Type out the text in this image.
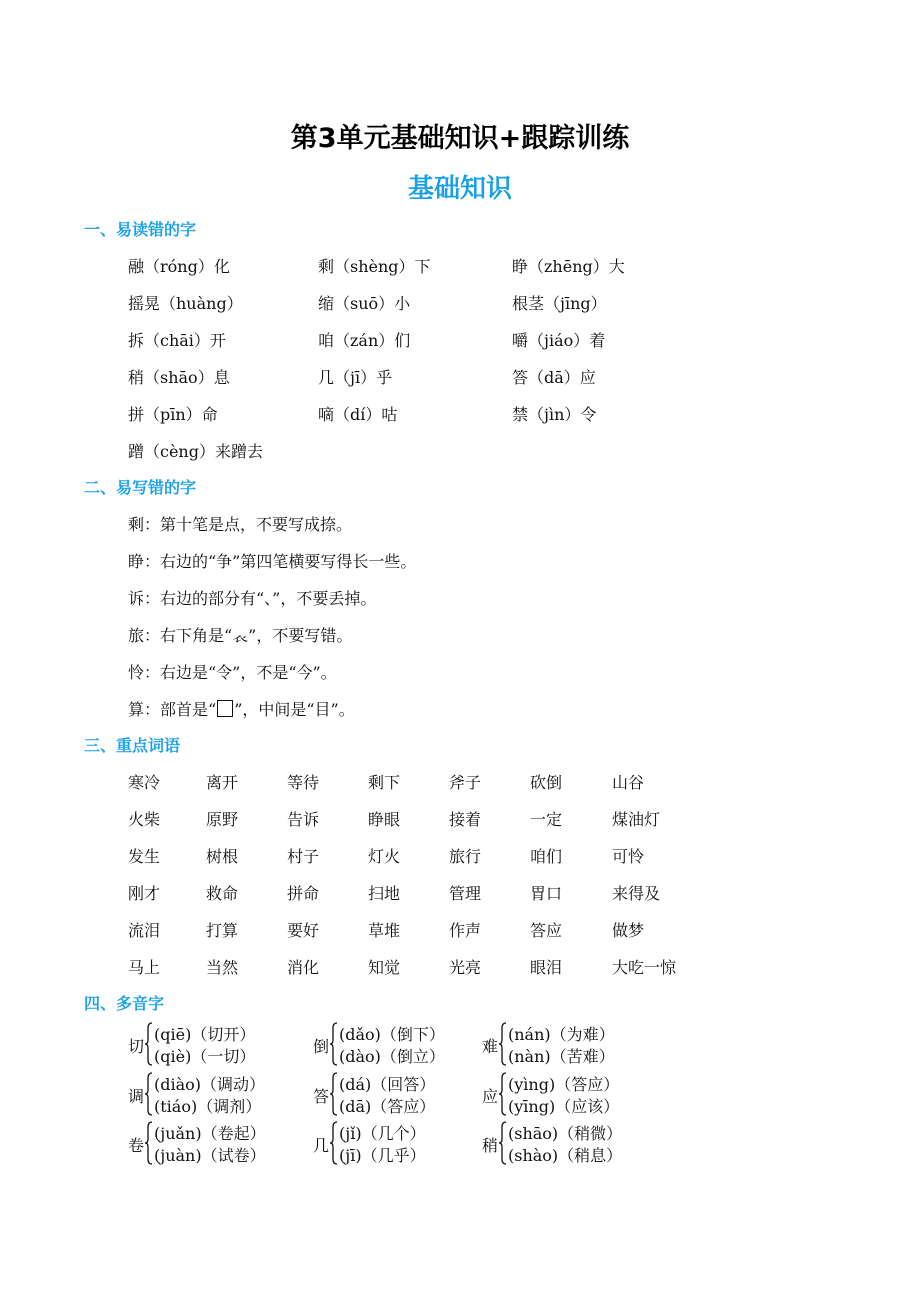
第3单元基础知识+跟踪训练
基础知识
一、易读错的字
融（róng）化	剩（shèng）下	睁（zhēng）大
摇晃（huàng）	缩（suō）小	根茎（jīng）
拆（chāi）开	咱（zán）们	嚼（jiáo）着
稍（shāo）息	几（jī）乎	答（dā）应
拼（pīn）命	嘀（dí）咕	禁（jìn）令
蹭（cèng）来蹭去
二、易写错的字
剩：第十笔是点，不要写成捺。
睁：右边的“争”第四笔横要写得长一些。
诉：右边的部分有“、”，不要丢掉。
旅：右下角是“𧘇”，不要写错。
怜：右边是“令”，不是“今”。
算：部首是“ ”，中间是“目”。
三、重点词语
寒冷	离开	等待	剩下	斧子	砍倒	山谷
火柴	原野	告诉	睁眼	接着	一定	煤油灯
发生	树根	村子	灯火	旅行	咱们	可怜
刚才	救命	拼命	扫地	管理	胃口	来得及
流泪	打算	要好	草堆	作声	答应	做梦
马上	当然	消化	知觉	光亮	眼泪	大吃一惊
四、多音字
切
(qiē)（切开）
(qiè)（一切）
倒
(dǎo)（倒下）
(dào)（倒立）
难
(nán)（为难）
(nàn)（苦难）
调
(diào)（调动）
(tiáo)（调剂）
答
(dá)（回答）
(dā)（答应）
应
(yìng)（答应）
(yīng)（应该）
卷
(juǎn)（卷起）
(juàn)（试卷）
几
(jǐ)（几个）
(jī)（几乎）
稍
(shāo)（稍微）
(shào)（稍息）
